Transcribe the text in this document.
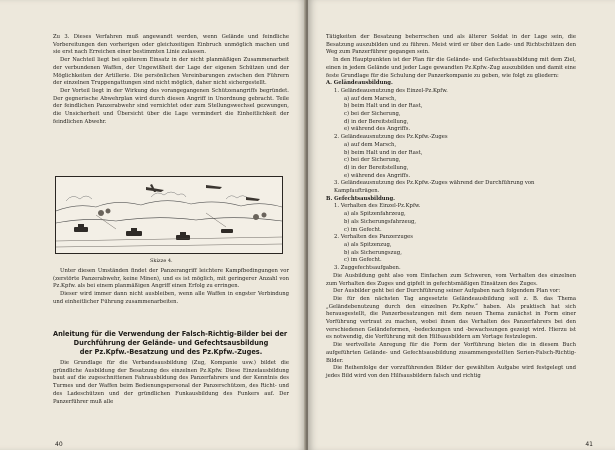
Zu 3. Dieses Verfahren muß angewandt werden, wenn Gelände und feindliche Vorbereitungen den vorherigen oder gleichzeitigen Einbruch unmöglich machen und sie erst nach Erreichen einer bestimmten Linie zulassen.

Der Nachteil liegt bei späterem Einsatz in der nicht planmäßigen Zusammenarbeit der verbundenen Waffen, der Ungewißheit der Lage der eigenen Schützen und der Möglichkeiten der Artillerie. Die persönlichen Vereinbarungen zwischen den Führern der einzelnen Truppengattungen sind nicht möglich, daher nicht sichergestellt.

Der Vorteil liegt in der Wirkung des vorangegangenen Schützenangriffs begründet. Der gegnerische Abwehrplan wird durch diesen Angriff in Unordnung gebracht. Teile der feindlichen Panzerabwehr sind vernichtet oder zum Stellungswechsel gezwungen, die Unsicherheit und Übersicht über die Lage vermindert die Einheitlichkeit der feindlichen Abwehr.

Skizze 4.

Unter diesen Umständen findet der Panzerangriff leichtere Kampfbedingungen vor (zerstörte Panzerabwehr, keine Minen), und es ist möglich, mit geringerer Anzahl von Pz.Kpfw. als bei einem planmäßigen Angriff einen Erfolg zu erringen.

Dieser wird immer dann nicht ausbleiben, wenn alle Waffen in engster Verbindung und einheitlicher Führung zusammenarbeiten.

Anleitung für die Verwendung der Falsch-Richtig-Bilder bei der
Durchführung der Gelände- und Gefechtsausbildung
der Pz.Kpfw.-Besatzung und des Pz.Kpfw.-Zuges.

Die Grundlage für die Verbandsausbildung (Zug, Kompanie usw.) bildet die gründliche Ausbildung der Besatzung des einzelnen Pz.Kpfw. Diese Einzelausbildung baut auf die zugeschnittenen Fahrausbildung des Panzerfahrers und der Kenntnis des Turmes und der Waffen beim Bedienungspersonal der Panzerschützen, des Richt- und des Ladeschützen und der gründlichen Funkausbildung des Funkers auf. Der Panzerführer muß alle

40

Tätigkeiten der Besatzung beherrschen und als älterer Soldat in der Lage sein, die Besatzung auszubilden und zu führen. Meist wird er über den Lade- und Richtschützen den Weg zum Panzerführer gegangen sein.

In den Hauptpunkten ist der Plan für die Gelände- und Gefechtsausbildung mit dem Ziel, einen in jedem Gelände und jeder Lage gewandten Pz.Kpfw.-Zug auszubilden und damit eine feste Grundlage für die Schulung der Panzerkompanie zu geben, wie folgt zu gliedern:

A. Geländeausbildung.
1. Geländeausnutzung des Einzel-Pz.Kpfw.
a) auf dem Marsch,
b) beim Halt und in der Rast,
c) bei der Sicherung,
d) in der Bereitstellung,
e) während des Angriffs.
2. Geländeausnutzung des Pz.Kpfw.-Zuges
a) auf dem Marsch,
b) beim Halt und in der Rast,
c) bei der Sicherung,
d) in der Bereitstellung,
e) während des Angriffs.
3. Geländeausnutzung des Pz.Kpfw.-Zuges während der Durchführung von Kampfaufträgen.
B. Gefechtsausbildung.
1. Verhalten des Einzel-Pz.Kpfw.
a) als Spitzenfahrzeug,
b) als Sicherungsfahrzeug,
c) im Gefecht.
2. Verhalten des Panzerzuges
a) als Spitzenzug,
b) als Sicherungszug,
c) im Gefecht.
3. Zuggefechtsaufgaben.

Die Ausbildung geht also vom Einfachen zum Schweren, vom Verhalten des einzelnen zum Verhalten des Zuges und gipfelt in gefechtsmäßigen Einsätzen des Zuges.

Der Ausbilder geht bei der Durchführung seiner Aufgaben nach folgendem Plan vor:

Die für den nächsten Tag angesetzte Geländeausbildung soll z. B. das Thema „Geländebenutzung durch den einzelnen Pz.Kpfw.“ haben. Als praktisch hat sich herausgestellt, die Panzerbesatzungen mit dem neuen Thema zunächst in Form einer Vorführung vertraut zu machen, wobei ihnen das Verhalten des Panzerfahrers bei den verschiedenen Geländeformen, -bedeckungen und -bewachsungen gezeigt wird. Hierzu ist es notwendig, die Vorführung mit den Hilfsausbildern am Vortage festzulegen.

Die wertvollste Anregung für die Form der Vorführung bieten die in diesem Buch aufgeführten Gelände- und Gefechtsausbildung zusammengestellten Serien-Falsch-Richtig-Bilder.

Die Reihenfolge der vorzuführenden Bilder der gewählten Aufgabe wird festgelegt und jedes Bild wird von den Hilfsausbildern falsch und richtig

41
